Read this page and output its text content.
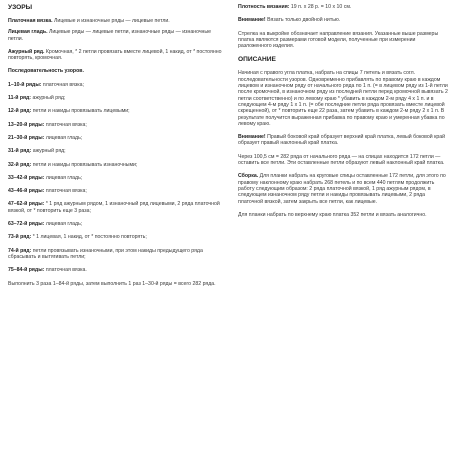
УЗОРЫ

Платочная вязка. Лицевые и изнаночные ряды — лицевые петли.

Лицевая гладь. Лицевые ряды — лицевые петли, изнаночные ряды — изнаночные петли.

Ажурный ряд. Кромочная, * 2 петли провязать вместе лицевой, 1 накид, от * постоянно повторять, кромочная.

Последовательность узоров.

1–10-й ряды: платочная вязка;

11-й ряд: ажурный ряд;

12-й ряд: петли и накиды провязывать лицевыми;

13–20-й ряды: платочная вязка;

21–30-й ряды: лицевая гладь;

31-й ряд: ажурный ряд;

32-й ряд: петли и накиды провязывать изнаночными;

33–42-й ряды: лицевая гладь;

43–46-й ряды: платочная вязка;

47–62-й ряды: * 1 ряд ажурным рядом, 1 изнаночный ряд лицевыми, 2 ряда платочной вязкой, от * повторить еще 3 раза;

63–72-й ряды: лицевая гладь;

73-й ряд: * 1 лицевая, 1 накид, от * постоянно повторять;

74-й ряд: петли провязывать изнаночными, при этом накиды предыдущего ряда сбрасывать и вытягивать петли;

75–84-й ряды: платочная вязка.

Выполнить 3 раза 1–84-й ряды, затем выполнить 1 раз 1–30-й ряды = всего 282 ряда.

Плотность вязания: 19 п. х 28 р. = 10 х 10 см.

Внимание! Вязать только двойной нитью.

Стрелка на выкройке обозначает направление вязания. Указанные выше размеры платка являются размерами готовой модели, полученные при измерении разложенного изделия.

ОПИСАНИЕ

Начиная с правого угла платка, набрать на спицы 7 петель и вязать согл. последовательности узоров. Одновременно прибавлять по правому краю в каждом лицевом и изнаночном ряду от начального ряда по 1 п. (= в лицевом ряду из 1-й петли после кромочной, в изнаночном ряду из последней петли перед кромочной вывязать 2 петли соответственно) и по левому краю * убавить в каждом 2-м ряду 4 х 1 п. и в следующем 4-м ряду 1 х 1 п. (= обе последние петли ряда провязать вместе лицевой скрещенной), от * повторить еще 22 раза, затем убавить в каждом 2-м ряду 2 х 1 п. В результате получится выраженная прибавка по правому краю и умеренная убавка по левому краю.

Внимание! Правый боковой край образует верхний край платка, левый боковой край образует правый наклонный край платка.

Через 100,5 см = 282 ряда от начального ряда — на спицах находится 172 петли — оставить все петли. Эти оставленные петли образуют левый наклонный край платка.

Сборка. Для планки набрать на круговые спицы оставленные 172 петли, для этого по правому наклонному краю набрать 268 петель и по всем 440 петлям продолжить работу следующим образом: 2 ряда платочной вязкой, 1 ряд ажурным рядом, в следующем изнаночном ряду петли и накиды провязывать лицевыми, 2 ряда платочной вязкой, затем закрыть все петли, как лицевые.

Для планки набрать по верхнему краю платка 352 петли и вязать аналогично.
